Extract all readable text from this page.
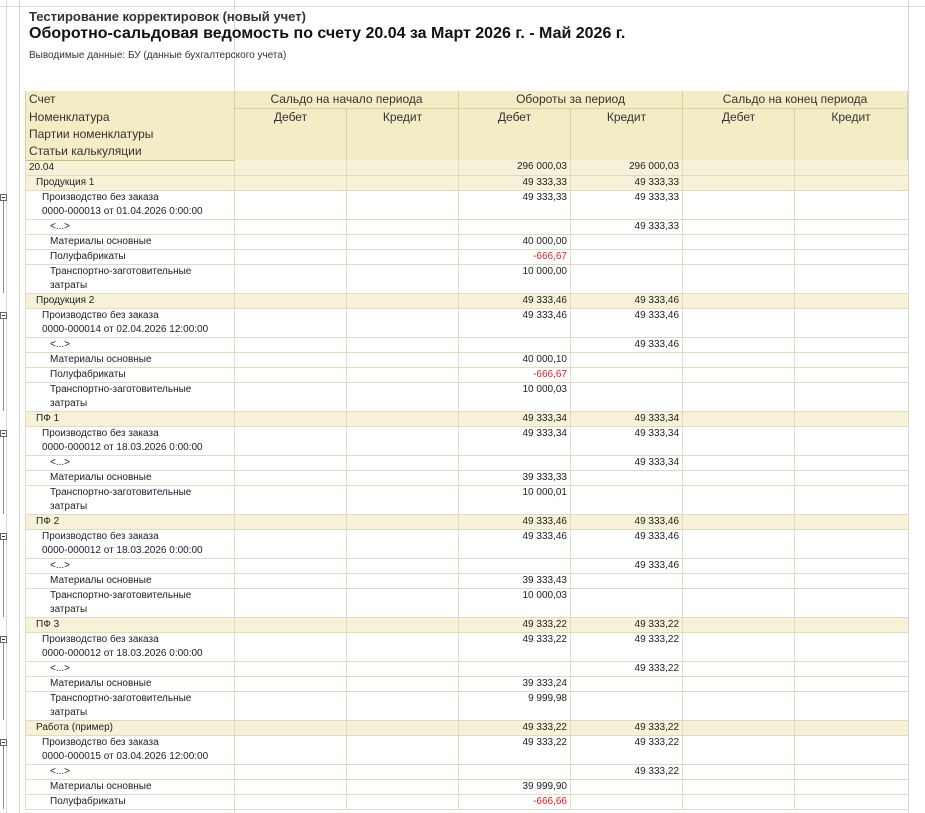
Тестирование корректировок (новый учет)
Оборотно-сальдовая ведомость по счету 20.04 за Март 2026 г. - Май 2026 г.
Выводимые данные: БУ (данные бухгалтерского учета)
Счет	Сальдо на начало периода		Обороты за период		Сальдо на конец периода	
Номенклатура	Дебет	Кредит	Дебет	Кредит	Дебет	Кредит
Партии номенклатуры						
Статьи калькуляции						

20.04			296 000,03	296 000,03		

Продукция 1			49 333,33	49 333,33		

Производство без заказа
0000-000013 от 01.04.2026 0:00:00			49 333,33	49 333,33		

<...>				49 333,33		

Материалы основные			40 000,00			

Полуфабрикаты			-666,67			

Транспортно-заготовительные
затраты			10 000,00			

Продукция 2			49 333,46	49 333,46		

Производство без заказа
0000-000014 от 02.04.2026 12:00:00			49 333,46	49 333,46		

<...>				49 333,46		

Материалы основные			40 000,10			

Полуфабрикаты			-666,67			

Транспортно-заготовительные
затраты			10 000,03			

ПФ 1			49 333,34	49 333,34		

Производство без заказа
0000-000012 от 18.03.2026 0:00:00			49 333,34	49 333,34		

<...>				49 333,34		

Материалы основные			39 333,33			

Транспортно-заготовительные
затраты			10 000,01			

ПФ 2			49 333,46	49 333,46		

Производство без заказа
0000-000012 от 18.03.2026 0:00:00			49 333,46	49 333,46		

<...>				49 333,46		

Материалы основные			39 333,43			

Транспортно-заготовительные
затраты			10 000,03			

ПФ 3			49 333,22	49 333,22		

Производство без заказа
0000-000012 от 18.03.2026 0:00:00			49 333,22	49 333,22		

<...>				49 333,22		

Материалы основные			39 333,24			

Транспортно-заготовительные
затраты			9 999,98			

Работа (пример)			49 333,22	49 333,22		

Производство без заказа
0000-000015 от 03.04.2026 12:00:00			49 333,22	49 333,22		

<...>				49 333,22		

Материалы основные			39 999,90			

Полуфабрикаты			-666,66			
